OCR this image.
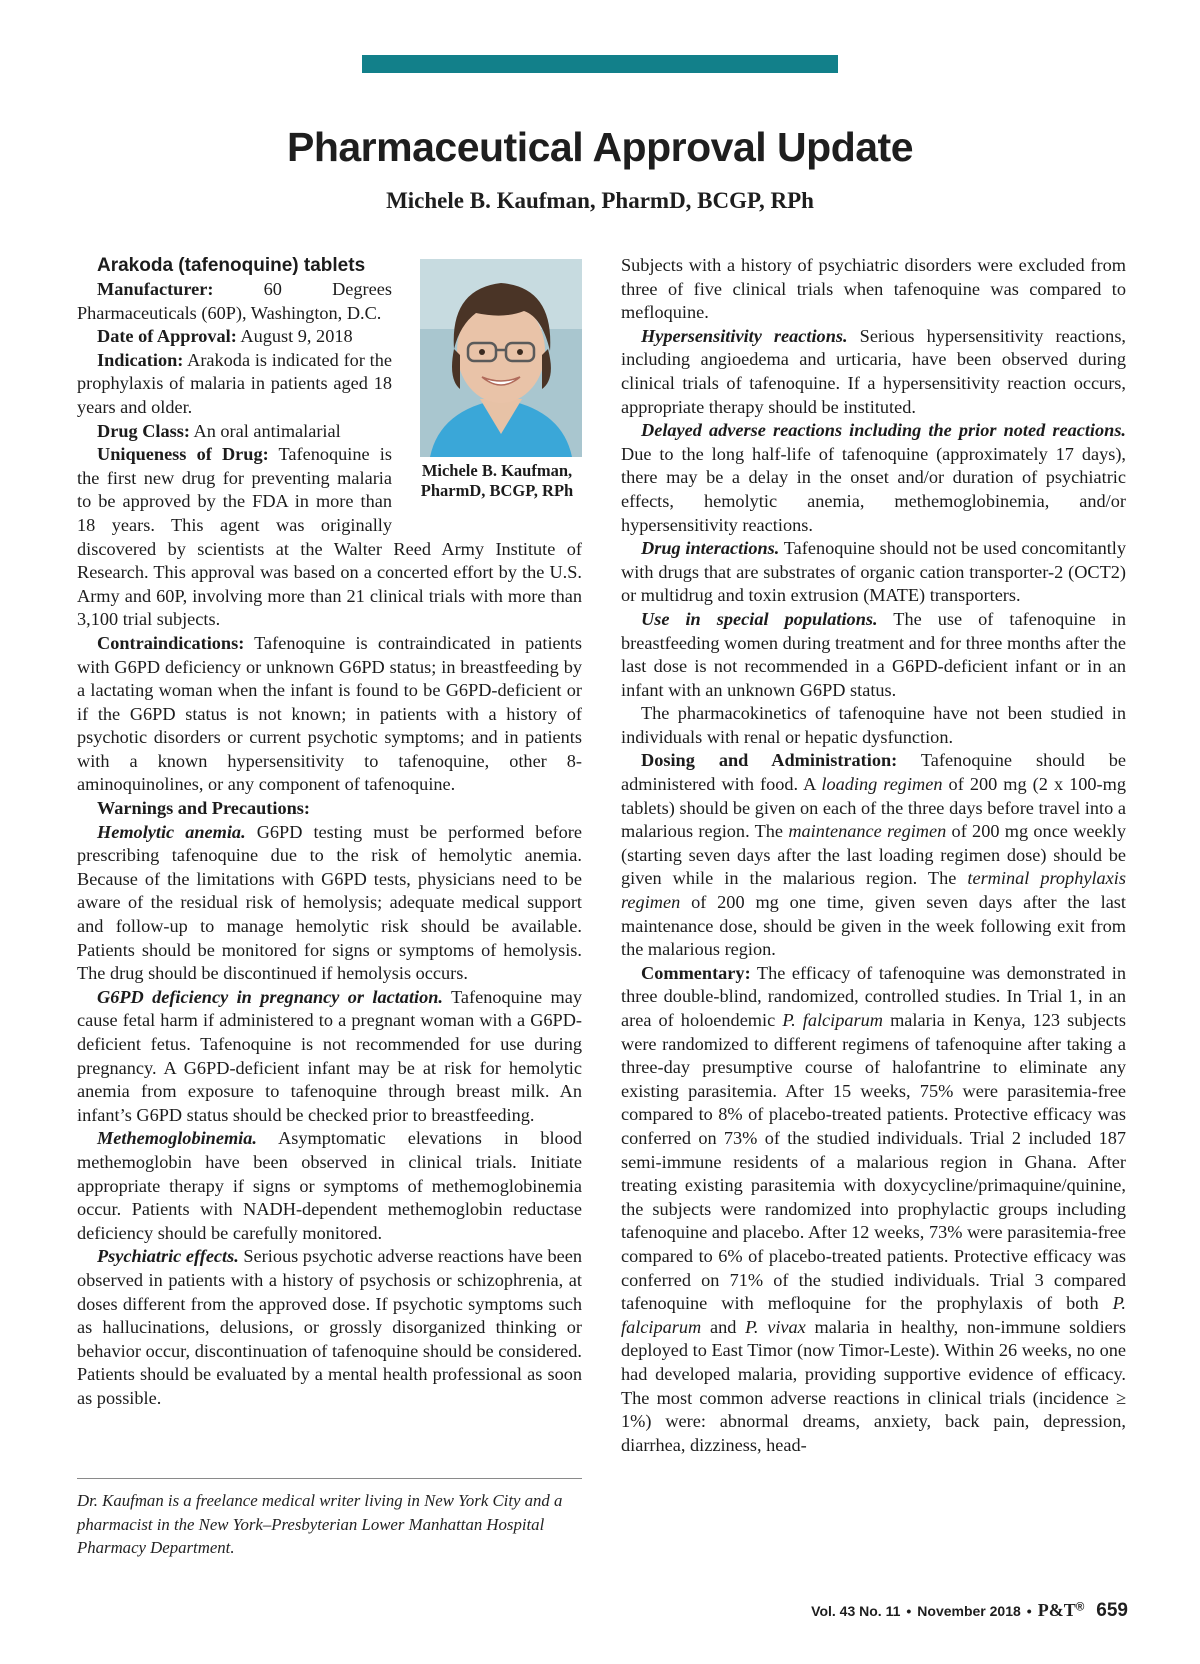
Pharmaceutical Approval Update
Michele B. Kaufman, PharmD, BCGP, RPh
Michele B. Kaufman,
PharmD, BCGP, RPh

Arakoda (tafenoquine) tablets

Manufacturer:	60 Degrees Pharmaceuticals (60P), Washington, D.C.

Date of Approval: August 9, 2018

Indication: Arakoda is indicated for the prophylaxis of malaria in patients aged 18 years and older.

Drug Class: An oral antimalarial

Uniqueness of Drug: Tafenoquine is the first new drug for preventing malaria to be approved by the FDA in more than 18 years. This agent was originally discovered by scientists at the Walter Reed Army Institute of Research. This approval was based on a concerted effort by the U.S. Army and 60P, involving more than 21 clinical trials with more than 3,100 trial subjects.

Contraindications: Tafenoquine is contraindicated in patients with G6PD deficiency or unknown G6PD status; in breastfeeding by a lactating woman when the infant is found to be G6PD-deficient or if the G6PD status is not known; in patients with a history of psychotic disorders or current psychotic symptoms; and in patients with a known hypersensitivity to tafenoquine, other 8-aminoquinolines, or any component of tafenoquine.

Warnings and Precautions:

Hemolytic anemia. G6PD testing must be performed before prescribing tafenoquine due to the risk of hemolytic anemia. Because of the limitations with G6PD tests, physicians need to be aware of the residual risk of hemolysis; adequate medical support and follow-up to manage hemolytic risk should be available. Patients should be monitored for signs or symptoms of hemolysis. The drug should be discontinued if hemolysis occurs.

G6PD deficiency in pregnancy or lactation. Tafenoquine may cause fetal harm if administered to a pregnant woman with a G6PD-deficient fetus. Tafenoquine is not recommended for use during pregnancy. A G6PD-deficient infant may be at risk for hemolytic anemia from exposure to tafenoquine through breast milk. An infant’s G6PD status should be checked prior to breastfeeding.

Methemoglobinemia. Asymptomatic elevations in blood methemoglobin have been observed in clinical trials. Initiate appropriate therapy if signs or symptoms of methemoglobinemia occur. Patients with NADH-dependent methemoglobin reductase deficiency should be carefully monitored.

Psychiatric effects. Serious psychotic adverse reactions have been observed in patients with a history of psychosis or schizophrenia, at doses different from the approved dose. If psychotic symptoms such as hallucinations, delusions, or grossly disorganized thinking or behavior occur, discontinuation of tafenoquine should be considered. Patients should be evaluated by a mental health professional as soon as possible.

Dr. Kaufman is a freelance medical writer living in New York City and a pharmacist in the New York–Presbyterian Lower Manhattan Hospital Pharmacy Department.

Subjects with a history of psychiatric disorders were excluded from three of five clinical trials when tafenoquine was compared to mefloquine.

Hypersensitivity reactions. Serious hypersensitivity reactions, including angioedema and urticaria, have been observed during clinical trials of tafenoquine. If a hypersensitivity reaction occurs, appropriate therapy should be instituted.

Delayed adverse reactions including the prior noted reactions. Due to the long half-life of tafenoquine (approximately 17 days), there may be a delay in the onset and/or duration of psychiatric effects, hemolytic anemia, methemoglobinemia, and/or hypersensitivity reactions.

Drug interactions. Tafenoquine should not be used concomitantly with drugs that are substrates of organic cation transporter-2 (OCT2) or multidrug and toxin extrusion (MATE) transporters.

Use in special populations. The use of tafenoquine in breastfeeding women during treatment and for three months after the last dose is not recommended in a G6PD-deficient infant or in an infant with an unknown G6PD status.

The pharmacokinetics of tafenoquine have not been studied in individuals with renal or hepatic dysfunction.

Dosing and Administration: Tafenoquine should be administered with food. A loading regimen of 200 mg (2 x 100-mg tablets) should be given on each of the three days before travel into a malarious region. The maintenance regimen of 200 mg once weekly (starting seven days after the last loading regimen dose) should be given while in the malarious region. The terminal prophylaxis regimen of 200 mg one time, given seven days after the last maintenance dose, should be given in the week following exit from the malarious region.

Commentary: The efficacy of tafenoquine was demonstrated in three double-blind, randomized, controlled studies. In Trial 1, in an area of holoendemic P. falciparum malaria in Kenya, 123 subjects were randomized to different regimens of tafenoquine after taking a three-day presumptive course of halofantrine to eliminate any existing parasitemia. After 15 weeks, 75% were parasitemia-free compared to 8% of placebo-treated patients. Protective efficacy was conferred on 73% of the studied individuals. Trial 2 included 187 semi-immune residents of a malarious region in Ghana. After treating existing parasitemia with doxycycline/primaquine/quinine, the subjects were randomized into prophylactic groups including tafenoquine and placebo. After 12 weeks, 73% were parasitemia-free compared to 6% of placebo-treated patients. Protective efficacy was conferred on 71% of the studied individuals. Trial 3 compared tafenoquine with mefloquine for the prophylaxis of both P. falciparum and P. vivax malaria in healthy, non-immune soldiers deployed to East Timor (now Timor-Leste). Within 26 weeks, no one had developed malaria, providing supportive evidence of efficacy. The most common adverse reactions in clinical trials (incidence ≥ 1%) were: abnormal dreams, anxiety, back pain, depression, diarrhea, dizziness, head-

Vol. 43 No. 11 • November 2018 • P&T® 659
